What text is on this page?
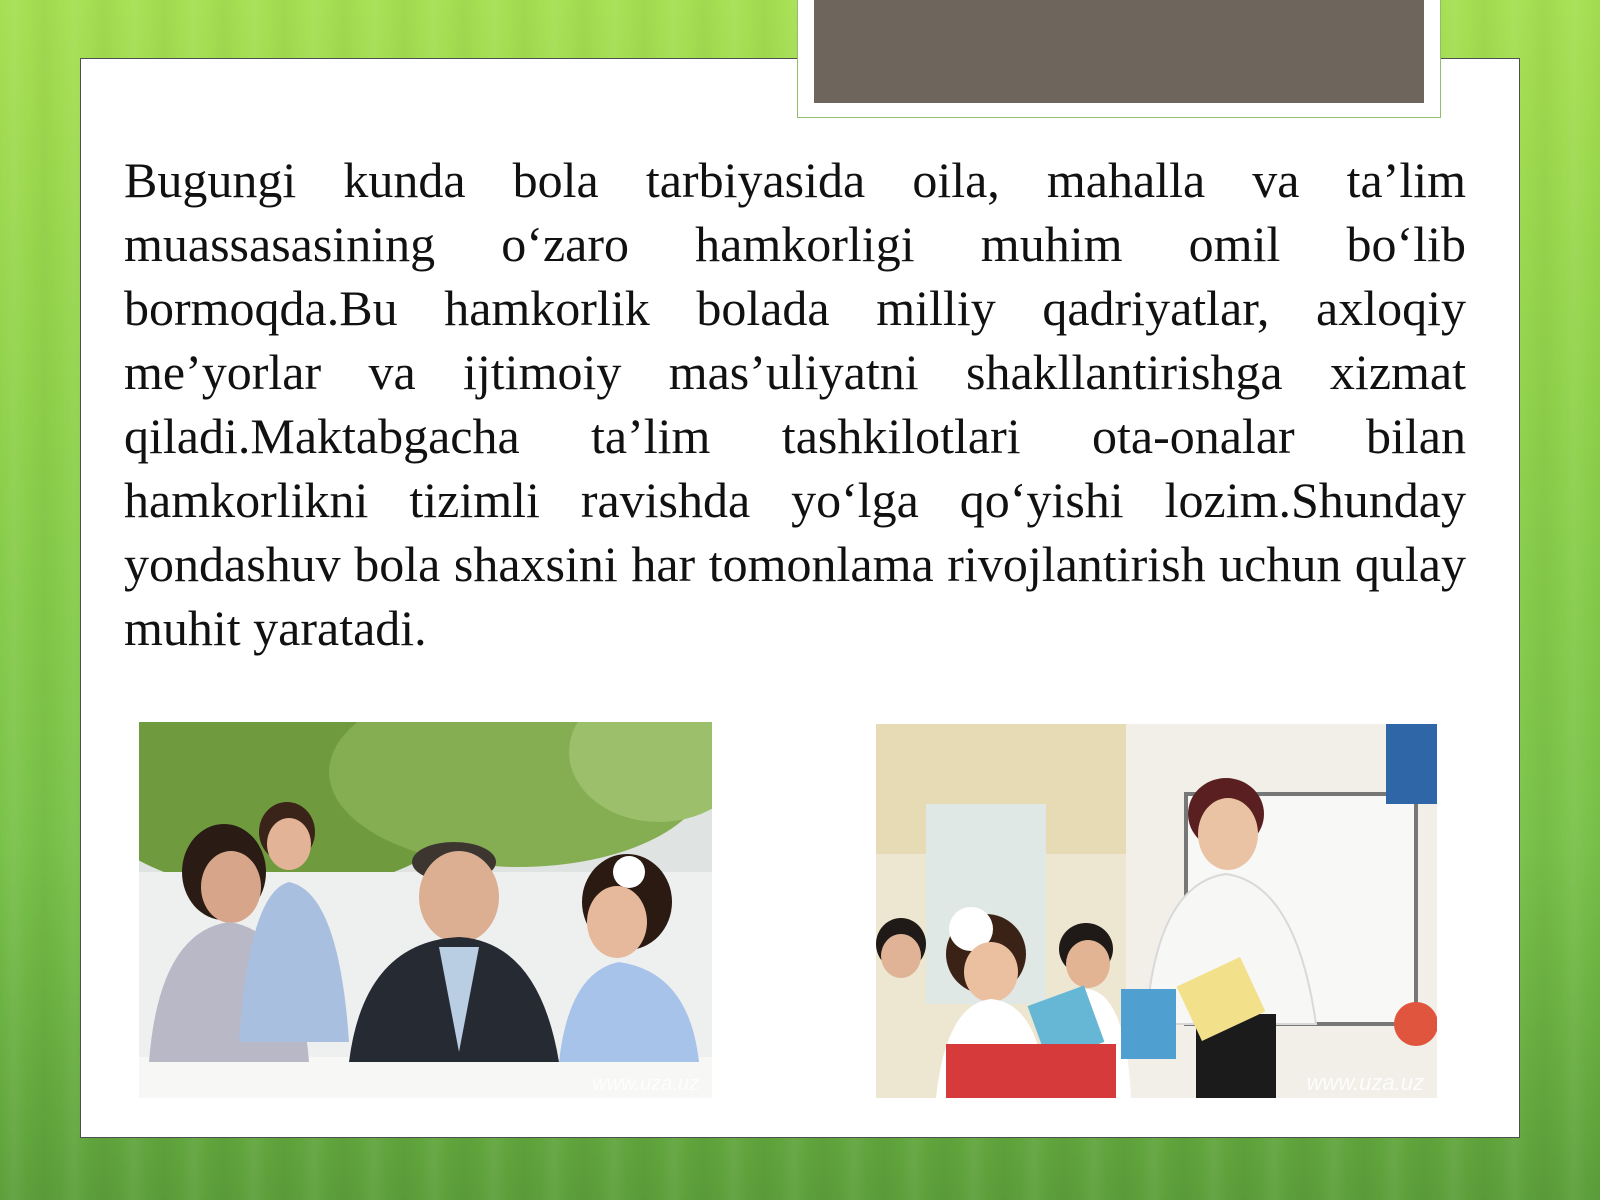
Bugungi kunda bola tarbiyasida oila, mahalla va ta’lim muassasasining o‘zaro hamkorligi muhim omil bo‘lib bormoqda.Bu hamkorlik bolada milliy qadriyatlar, axloqiy me’yorlar va ijtimoiy mas’uliyatni shakllantirishga xizmat qiladi.Maktabgacha ta’lim tashkilotlari ota-onalar bilan hamkorlikni tizimli ravishda yo‘lga qo‘yishi lozim.Shunday yondashuv bola shaxsini har tomonlama rivojlantirish uchun qulay muhit yaratadi.

www.uza.uz	www.uza.uz
